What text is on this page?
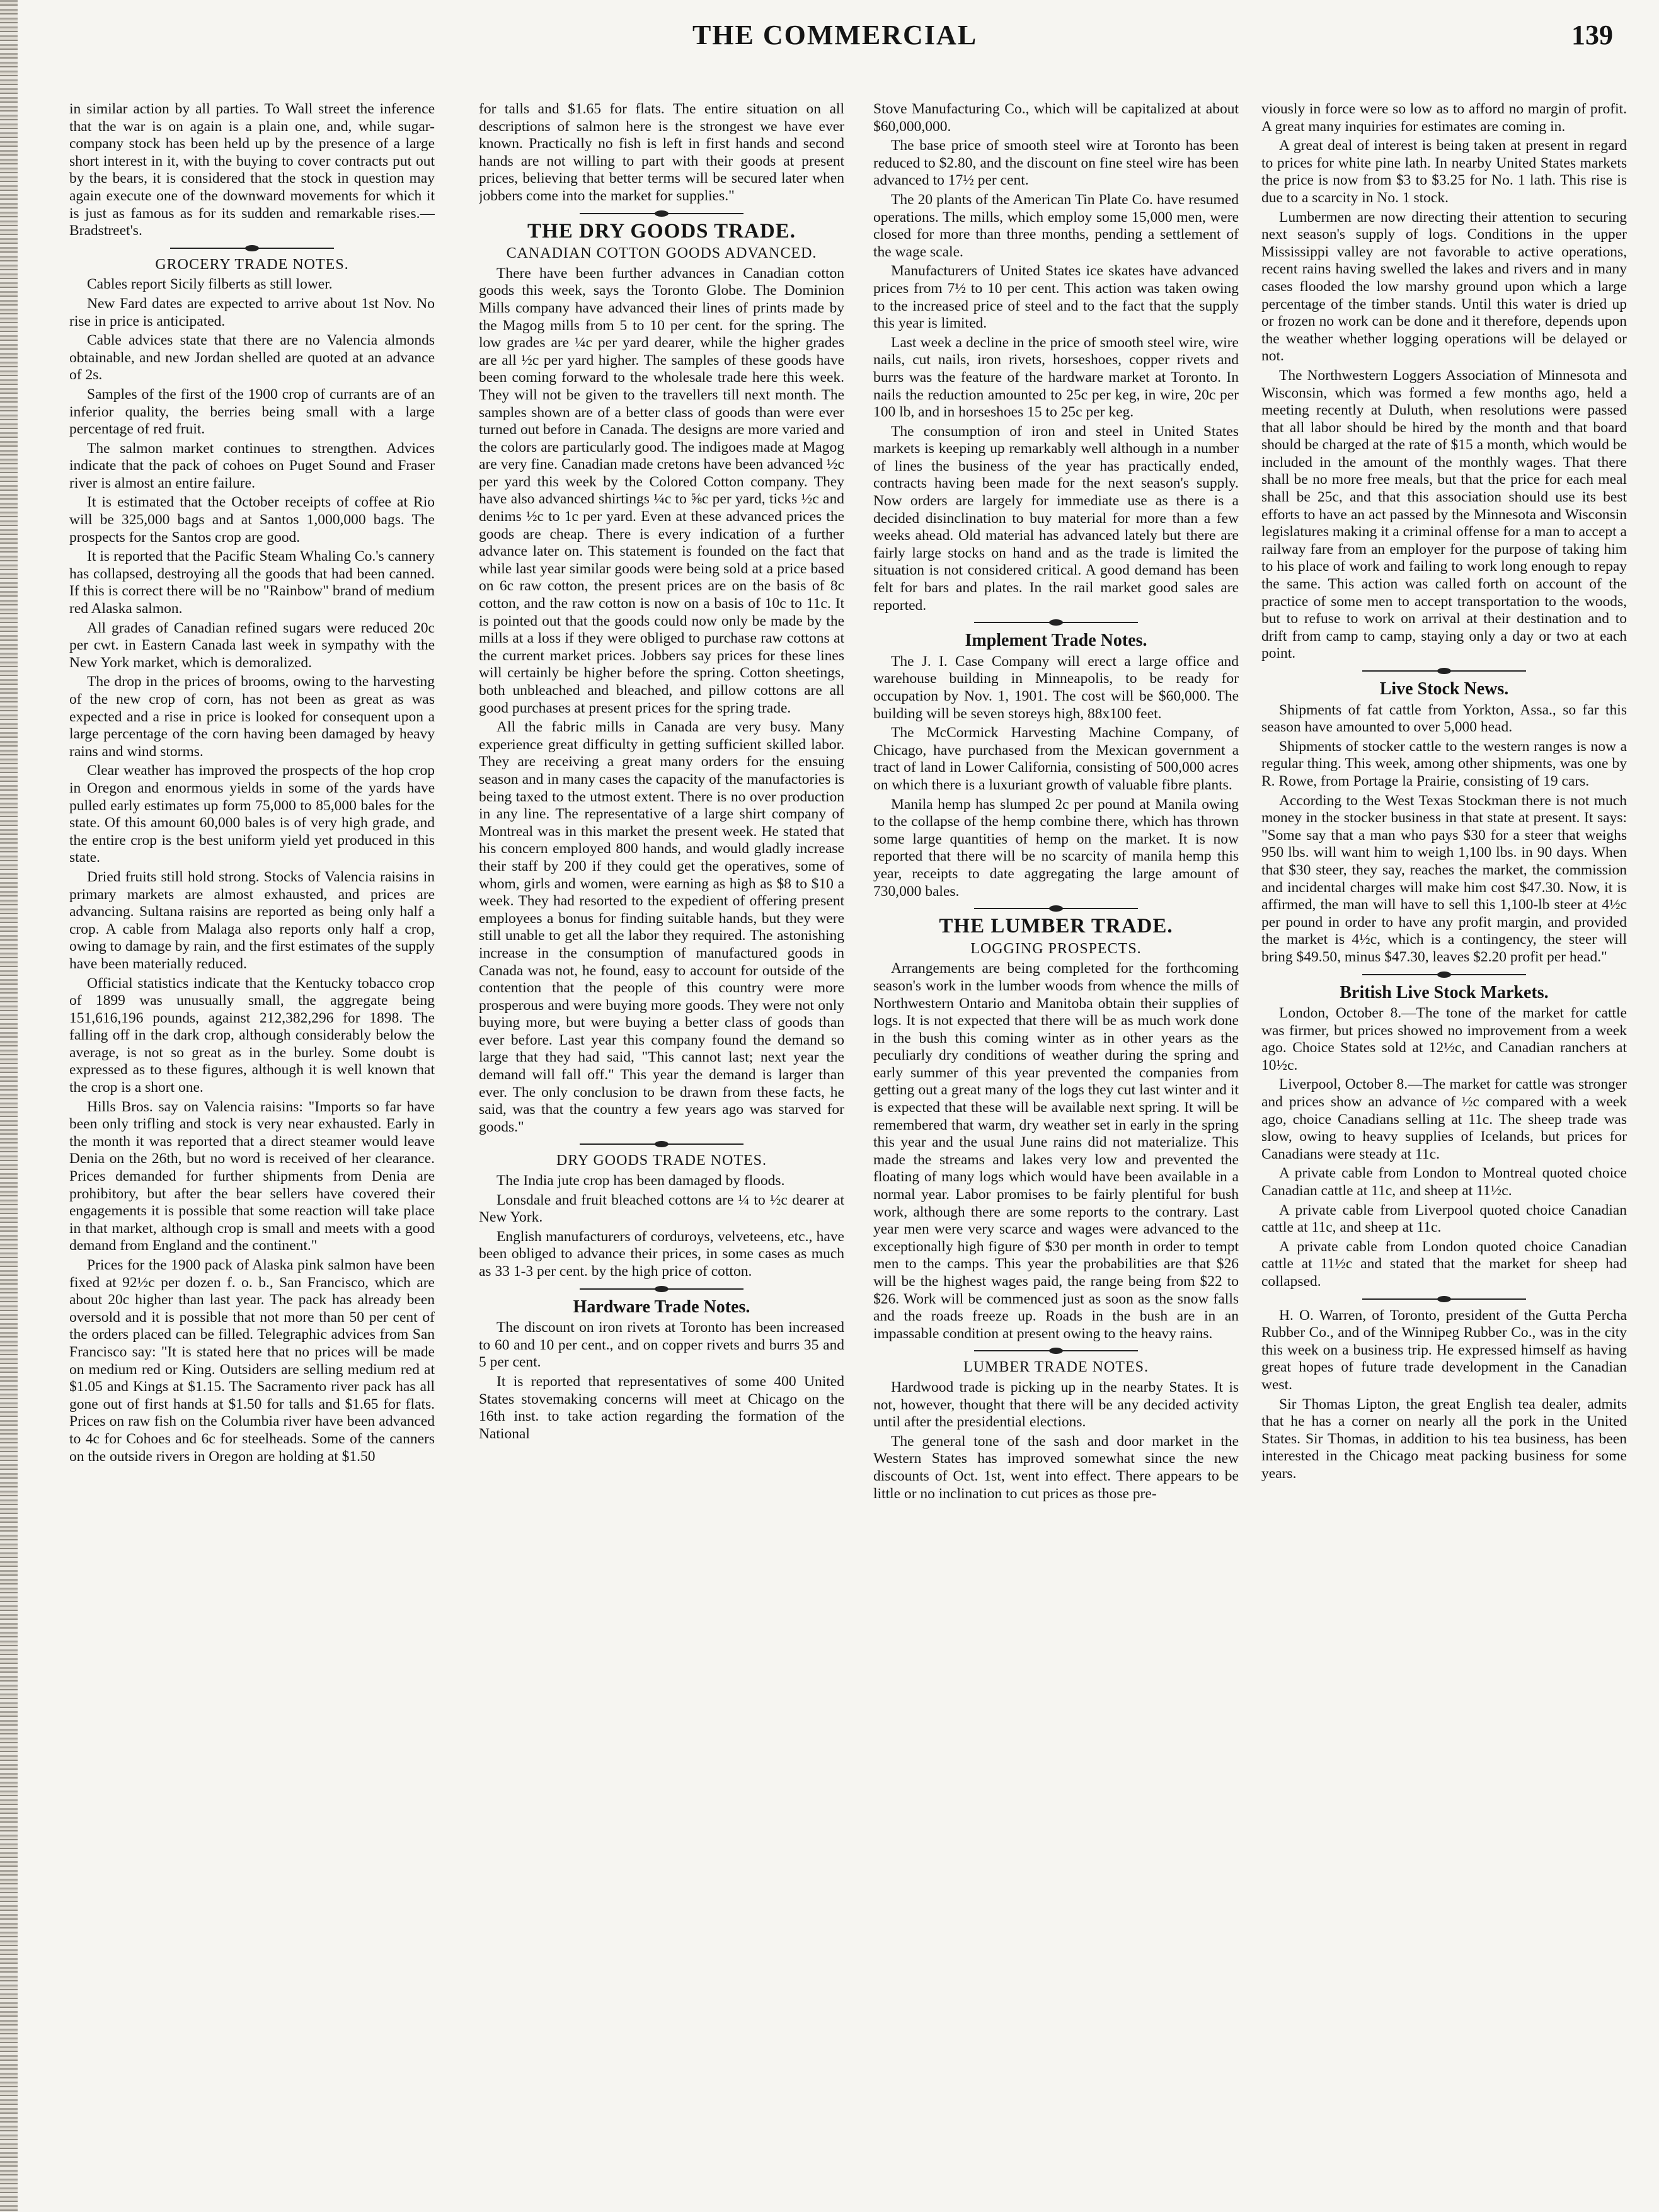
THE COMMERCIAL	139

in similar action by all parties. To Wall street the inference that the war is on again is a plain one, and, while sugar-company stock has been held up by the presence of a large short interest in it, with the buying to cover contracts put out by the bears, it is considered that the stock in question may again execute one of the downward movements for which it is just as famous as for its sudden and remarkable rises.—Bradstreet's.

GROCERY TRADE NOTES.

Cables report Sicily filberts as still lower.

New Fard dates are expected to arrive about 1st Nov. No rise in price is anticipated.

Cable advices state that there are no Valencia almonds obtainable, and new Jordan shelled are quoted at an advance of 2s.

Samples of the first of the 1900 crop of currants are of an inferior quality, the berries being small with a large percentage of red fruit.

The salmon market continues to strengthen. Advices indicate that the pack of cohoes on Puget Sound and Fraser river is almost an entire failure.

It is estimated that the October receipts of coffee at Rio will be 325,000 bags and at Santos 1,000,000 bags. The prospects for the Santos crop are good.

It is reported that the Pacific Steam Whaling Co.'s cannery has collapsed, destroying all the goods that had been canned. If this is correct there will be no "Rainbow" brand of medium red Alaska salmon.

All grades of Canadian refined sugars were reduced 20c per cwt. in Eastern Canada last week in sympathy with the New York market, which is demoralized.

The drop in the prices of brooms, owing to the harvesting of the new crop of corn, has not been as great as was expected and a rise in price is looked for consequent upon a large percentage of the corn having been damaged by heavy rains and wind storms.

Clear weather has improved the prospects of the hop crop in Oregon and enormous yields in some of the yards have pulled early estimates up form 75,000 to 85,000 bales for the state. Of this amount 60,000 bales is of very high grade, and the entire crop is the best uniform yield yet produced in this state.

Dried fruits still hold strong. Stocks of Valencia raisins in primary markets are almost exhausted, and prices are advancing. Sultana raisins are reported as being only half a crop. A cable from Malaga also reports only half a crop, owing to damage by rain, and the first estimates of the supply have been materially reduced.

Official statistics indicate that the Kentucky tobacco crop of 1899 was unusually small, the aggregate being 151,616,196 pounds, against 212,382,296 for 1898. The falling off in the dark crop, although considerably below the average, is not so great as in the burley. Some doubt is expressed as to these figures, although it is well known that the crop is a short one.

Hills Bros. say on Valencia raisins: "Imports so far have been only trifling and stock is very near exhausted. Early in the month it was reported that a direct steamer would leave Denia on the 26th, but no word is received of her clearance. Prices demanded for further shipments from Denia are prohibitory, but after the bear sellers have covered their engagements it is possible that some reaction will take place in that market, although crop is small and meets with a good demand from England and the continent."

Prices for the 1900 pack of Alaska pink salmon have been fixed at 92½c per dozen f. o. b., San Francisco, which are about 20c higher than last year. The pack has already been oversold and it is possible that not more than 50 per cent of the orders placed can be filled. Telegraphic advices from San Francisco say: "It is stated here that no prices will be made on medium red or King. Outsiders are selling medium red at $1.05 and Kings at $1.15. The Sacramento river pack has all gone out of first hands at $1.50 for talls and $1.65 for flats. Prices on raw fish on the Columbia river have been advanced to 4c for Cohoes and 6c for steelheads. Some of the canners on the outside rivers in Oregon are holding at $1.50

for talls and $1.65 for flats. The entire situation on all descriptions of salmon here is the strongest we have ever known. Practically no fish is left in first hands and second hands are not willing to part with their goods at present prices, believing that better terms will be secured later when jobbers come into the market for supplies."

THE DRY GOODS TRADE.
CANADIAN COTTON GOODS ADVANCED.

There have been further advances in Canadian cotton goods this week, says the Toronto Globe. The Dominion Mills company have advanced their lines of prints made by the Magog mills from 5 to 10 per cent. for the spring. The low grades are ¼c per yard dearer, while the higher grades are all ½c per yard higher. The samples of these goods have been coming forward to the wholesale trade here this week. They will not be given to the travellers till next month. The samples shown are of a better class of goods than were ever turned out before in Canada. The designs are more varied and the colors are particularly good. The indigoes made at Magog are very fine. Canadian made cretons have been advanced ½c per yard this week by the Colored Cotton company. They have also advanced shirtings ¼c to ⅝c per yard, ticks ½c and denims ½c to 1c per yard. Even at these advanced prices the goods are cheap. There is every indication of a further advance later on. This statement is founded on the fact that while last year similar goods were being sold at a price based on 6c raw cotton, the present prices are on the basis of 8c cotton, and the raw cotton is now on a basis of 10c to 11c. It is pointed out that the goods could now only be made by the mills at a loss if they were obliged to purchase raw cottons at the current market prices. Jobbers say prices for these lines will certainly be higher before the spring. Cotton sheetings, both unbleached and bleached, and pillow cottons are all good purchases at present prices for the spring trade.

All the fabric mills in Canada are very busy. Many experience great difficulty in getting sufficient skilled labor. They are receiving a great many orders for the ensuing season and in many cases the capacity of the manufactories is being taxed to the utmost extent. There is no over production in any line. The representative of a large shirt company of Montreal was in this market the present week. He stated that his concern employed 800 hands, and would gladly increase their staff by 200 if they could get the operatives, some of whom, girls and women, were earning as high as $8 to $10 a week. They had resorted to the expedient of offering present employees a bonus for finding suitable hands, but they were still unable to get all the labor they required. The astonishing increase in the consumption of manufactured goods in Canada was not, he found, easy to account for outside of the contention that the people of this country were more prosperous and were buying more goods. They were not only buying more, but were buying a better class of goods than ever before. Last year this company found the demand so large that they had said, "This cannot last; next year the demand will fall off." This year the demand is larger than ever. The only conclusion to be drawn from these facts, he said, was that the country a few years ago was starved for goods."

DRY GOODS TRADE NOTES.

The India jute crop has been damaged by floods.

Lonsdale and fruit bleached cottons are ¼ to ½c dearer at New York.

English manufacturers of corduroys, velveteens, etc., have been obliged to advance their prices, in some cases as much as 33 1-3 per cent. by the high price of cotton.

Hardware Trade Notes.

The discount on iron rivets at Toronto has been increased to 60 and 10 per cent., and on copper rivets and burrs 35 and 5 per cent.

It is reported that representatives of some 400 United States stovemaking concerns will meet at Chicago on the 16th inst. to take action regarding the formation of the National

Stove Manufacturing Co., which will be capitalized at about $60,000,000.

The base price of smooth steel wire at Toronto has been reduced to $2.80, and the discount on fine steel wire has been advanced to 17½ per cent.

The 20 plants of the American Tin Plate Co. have resumed operations. The mills, which employ some 15,000 men, were closed for more than three months, pending a settlement of the wage scale.

Manufacturers of United States ice skates have advanced prices from 7½ to 10 per cent. This action was taken owing to the increased price of steel and to the fact that the supply this year is limited.

Last week a decline in the price of smooth steel wire, wire nails, cut nails, iron rivets, horseshoes, copper rivets and burrs was the feature of the hardware market at Toronto. In nails the reduction amounted to 25c per keg, in wire, 20c per 100 lb, and in horseshoes 15 to 25c per keg.

The consumption of iron and steel in United States markets is keeping up remarkably well although in a number of lines the business of the year has practically ended, contracts having been made for the next season's supply. Now orders are largely for immediate use as there is a decided disinclination to buy material for more than a few weeks ahead. Old material has advanced lately but there are fairly large stocks on hand and as the trade is limited the situation is not considered critical. A good demand has been felt for bars and plates. In the rail market good sales are reported.

Implement Trade Notes.

The J. I. Case Company will erect a large office and warehouse building in Minneapolis, to be ready for occupation by Nov. 1, 1901. The cost will be $60,000. The building will be seven storeys high, 88x100 feet.

The McCormick Harvesting Machine Company, of Chicago, have purchased from the Mexican government a tract of land in Lower California, consisting of 500,000 acres on which there is a luxuriant growth of valuable fibre plants.

Manila hemp has slumped 2c per pound at Manila owing to the collapse of the hemp combine there, which has thrown some large quantities of hemp on the market. It is now reported that there will be no scarcity of manila hemp this year, receipts to date aggregating the large amount of 730,000 bales.

THE LUMBER TRADE.
LOGGING PROSPECTS.

Arrangements are being completed for the forthcoming season's work in the lumber woods from whence the mills of Northwestern Ontario and Manitoba obtain their supplies of logs. It is not expected that there will be as much work done in the bush this coming winter as in other years as the peculiarly dry conditions of weather during the spring and early summer of this year prevented the companies from getting out a great many of the logs they cut last winter and it is expected that these will be available next spring. It will be remembered that warm, dry weather set in early in the spring this year and the usual June rains did not materialize. This made the streams and lakes very low and prevented the floating of many logs which would have been available in a normal year. Labor promises to be fairly plentiful for bush work, although there are some reports to the contrary. Last year men were very scarce and wages were advanced to the exceptionally high figure of $30 per month in order to tempt men to the camps. This year the probabilities are that $26 will be the highest wages paid, the range being from $22 to $26. Work will be commenced just as soon as the snow falls and the roads freeze up. Roads in the bush are in an impassable condition at present owing to the heavy rains.

LUMBER TRADE NOTES.

Hardwood trade is picking up in the nearby States. It is not, however, thought that there will be any decided activity until after the presidential elections.

The general tone of the sash and door market in the Western States has improved somewhat since the new discounts of Oct. 1st, went into effect. There appears to be little or no inclination to cut prices as those pre-

viously in force were so low as to afford no margin of profit. A great many inquiries for estimates are coming in.

A great deal of interest is being taken at present in regard to prices for white pine lath. In nearby United States markets the price is now from $3 to $3.25 for No. 1 lath. This rise is due to a scarcity in No. 1 stock.

Lumbermen are now directing their attention to securing next season's supply of logs. Conditions in the upper Mississippi valley are not favorable to active operations, recent rains having swelled the lakes and rivers and in many cases flooded the low marshy ground upon which a large percentage of the timber stands. Until this water is dried up or frozen no work can be done and it therefore, depends upon the weather whether logging operations will be delayed or not.

The Northwestern Loggers Association of Minnesota and Wisconsin, which was formed a few months ago, held a meeting recently at Duluth, when resolutions were passed that all labor should be hired by the month and that board should be charged at the rate of $15 a month, which would be included in the amount of the monthly wages. That there shall be no more free meals, but that the price for each meal shall be 25c, and that this association should use its best efforts to have an act passed by the Minnesota and Wisconsin legislatures making it a criminal offense for a man to accept a railway fare from an employer for the purpose of taking him to his place of work and failing to work long enough to repay the same. This action was called forth on account of the practice of some men to accept transportation to the woods, but to refuse to work on arrival at their destination and to drift from camp to camp, staying only a day or two at each point.

Live Stock News.

Shipments of fat cattle from Yorkton, Assa., so far this season have amounted to over 5,000 head.

Shipments of stocker cattle to the western ranges is now a regular thing. This week, among other shipments, was one by R. Rowe, from Portage la Prairie, consisting of 19 cars.

According to the West Texas Stockman there is not much money in the stocker business in that state at present. It says: "Some say that a man who pays $30 for a steer that weighs 950 lbs. will want him to weigh 1,100 lbs. in 90 days. When that $30 steer, they say, reaches the market, the commission and incidental charges will make him cost $47.30. Now, it is affirmed, the man will have to sell this 1,100-lb steer at 4½c per pound in order to have any profit margin, and provided the market is 4½c, which is a contingency, the steer will bring $49.50, minus $47.30, leaves $2.20 profit per head."

British Live Stock Markets.

London, October 8.—The tone of the market for cattle was firmer, but prices showed no improvement from a week ago. Choice States sold at 12½c, and Canadian ranchers at 10½c.

Liverpool, October 8.—The market for cattle was stronger and prices show an advance of ½c compared with a week ago, choice Canadians selling at 11c. The sheep trade was slow, owing to heavy supplies of Icelands, but prices for Canadians were steady at 11c.

A private cable from London to Montreal quoted choice Canadian cattle at 11c, and sheep at 11½c.

A private cable from Liverpool quoted choice Canadian cattle at 11c, and sheep at 11c.

A private cable from London quoted choice Canadian cattle at 11½c and stated that the market for sheep had collapsed.

H. O. Warren, of Toronto, president of the Gutta Percha Rubber Co., and of the Winnipeg Rubber Co., was in the city this week on a business trip. He expressed himself as having great hopes of future trade development in the Canadian west.

Sir Thomas Lipton, the great English tea dealer, admits that he has a corner on nearly all the pork in the United States. Sir Thomas, in addition to his tea business, has been interested in the Chicago meat packing business for some years.
